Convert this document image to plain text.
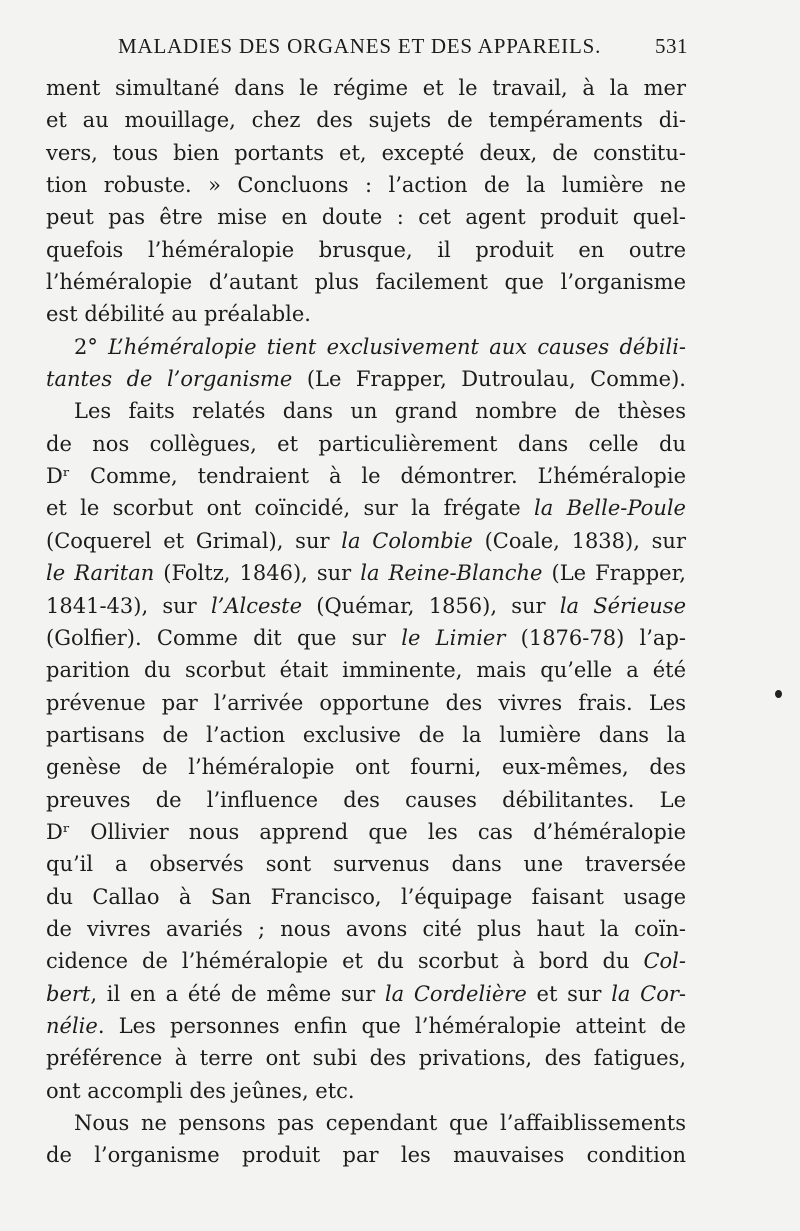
MALADIES DES ORGANES ET DES APPAREILS.	531
ment simultané dans le régime et le travail, à la mer
et au mouillage, chez des sujets de tempéraments di-
vers, tous bien portants et, excepté deux, de constitu-
tion robuste. » Concluons : l’action de la lumière ne
peut pas être mise en doute : cet agent produit quel-
quefois l’héméralopie brusque, il produit en outre
l’héméralopie d’autant plus facilement que l’organisme
est débilité au préalable.
2° L’héméralopie tient exclusivement aux causes débili-
tantes de l’organisme (Le Frapper, Dutroulau, Comme).
Les faits relatés dans un grand nombre de thèses
de nos collègues, et particulièrement dans celle du
Dʳ Comme, tendraient à le démontrer. L’héméralopie
et le scorbut ont coïncidé, sur la frégate la Belle-Poule
(Coquerel et Grimal), sur la Colombie (Coale, 1838), sur
le Raritan (Foltz, 1846), sur la Reine-Blanche (Le Frapper,
1841-43), sur l’Alceste (Quémar, 1856), sur la Sérieuse
(Golfier). Comme dit que sur le Limier (1876-78) l’ap-
parition du scorbut était imminente, mais qu’elle a été
prévenue par l’arrivée opportune des vivres frais. Les
partisans de l’action exclusive de la lumière dans la
genèse de l’héméralopie ont fourni, eux-mêmes, des
preuves de l’influence des causes débilitantes. Le
Dʳ Ollivier nous apprend que les cas d’héméralopie
qu’il a observés sont survenus dans une traversée
du Callao à San Francisco, l’équipage faisant usage
de vivres avariés ; nous avons cité plus haut la coïn-
cidence de l’héméralopie et du scorbut à bord du Col-
bert, il en a été de même sur la Cordelière et sur la Cor-
nélie. Les personnes enfin que l’héméralopie atteint de
préférence à terre ont subi des privations, des fatigues,
ont accompli des jeûnes, etc.
Nous ne pensons pas cependant que l’affaiblissements
de l’organisme produit par les mauvaises condition
